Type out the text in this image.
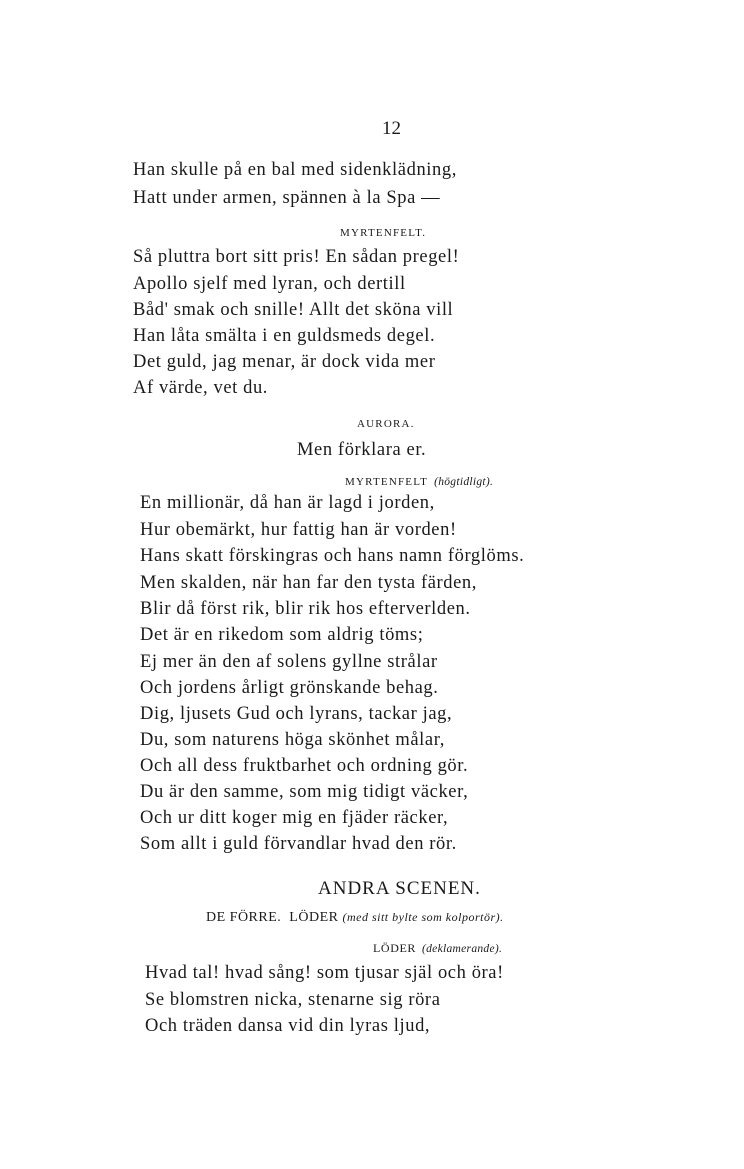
12
Han skulle på en bal med sidenklädning,
Hatt under armen, spännen à la Spa —
MYRTENFELT.
Så pluttra bort sitt pris! En sådan pregel!
Apollo sjelf med lyran, och dertill
Båd' smak och snille! Allt det sköna vill
Han låta smälta i en guldsmeds degel.
Det guld, jag menar, är dock vida mer
Af värde, vet du.
AURORA.
Men förklara er.
MYRTENFELT (högtidligt).
En millionär, då han är lagd i jorden,
Hur obemärkt, hur fattig han är vorden!
Hans skatt förskingras och hans namn förglöms.
Men skalden, när han far den tysta färden,
Blir då först rik, blir rik hos efterverlden.
Det är en rikedom som aldrig töms;
Ej mer än den af solens gyllne strålar
Och jordens årligt grönskande behag.
Dig, ljusets Gud och lyrans, tackar jag,
Du, som naturens höga skönhet målar,
Och all dess fruktbarhet och ordning gör.
Du är den samme, som mig tidigt väcker,
Och ur ditt koger mig en fjäder räcker,
Som allt i guld förvandlar hvad den rör.
ANDRA SCENEN.
DE FÖRRE. LÖDER (med sitt bylte som kolportör).
LÖDER (deklamerande).
Hvad tal! hvad sång! som tjusar själ och öra!
Se blomstren nicka, stenarne sig röra
Och träden dansa vid din lyras ljud,
